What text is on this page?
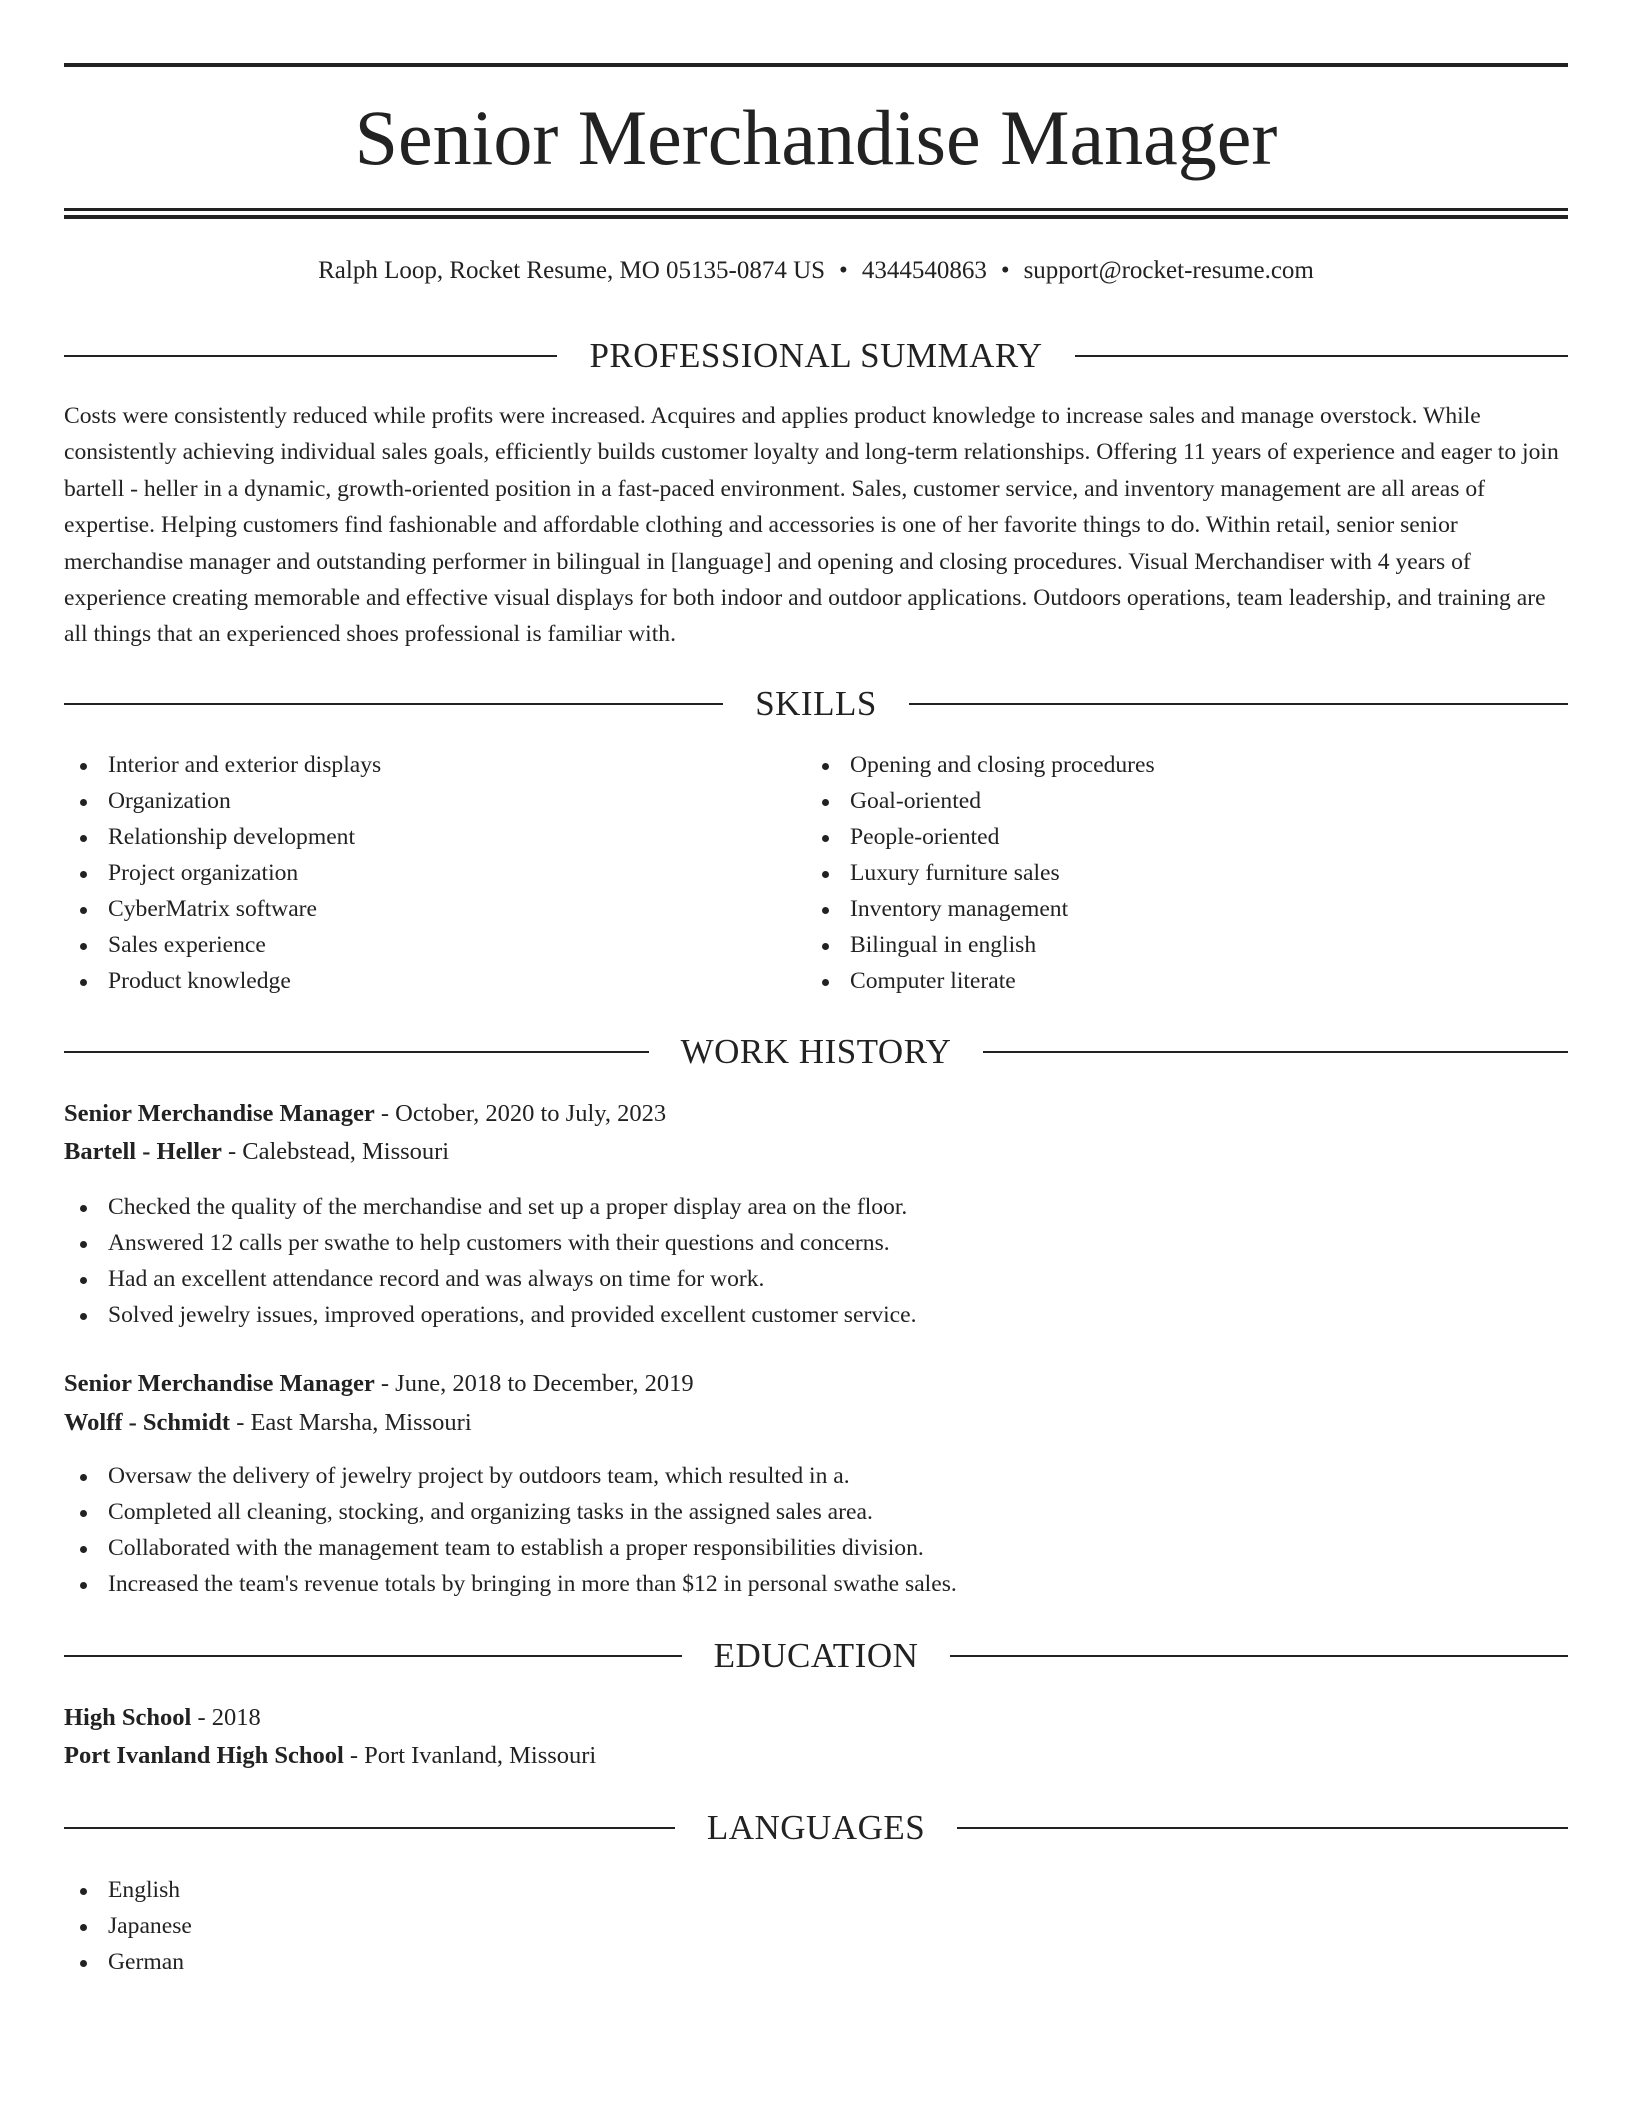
Senior Merchandise Manager
Ralph Loop, Rocket Resume, MO 05135-0874 US • 4344540863 • support@rocket-resume.com
PROFESSIONAL SUMMARY

Costs were consistently reduced while profits were increased. Acquires and applies product knowledge to increase sales and manage overstock. While consistently achieving individual sales goals, efficiently builds customer loyalty and long-term relationships. Offering 11 years of experience and eager to join bartell - heller in a dynamic, growth-oriented position in a fast-paced environment. Sales, customer service, and inventory management are all areas of expertise. Helping customers find fashionable and affordable clothing and accessories is one of her favorite things to do. Within retail, senior senior merchandise manager and outstanding performer in bilingual in [language] and opening and closing procedures. Visual Merchandiser with 4 years of experience creating memorable and effective visual displays for both indoor and outdoor applications. Outdoors operations, team leadership, and training are all things that an experienced shoes professional is familiar with.

SKILLS
Interior and exterior displays
Organization
Relationship development
Project organization
CyberMatrix software
Sales experience
Product knowledge
Opening and closing procedures
Goal-oriented
People-oriented
Luxury furniture sales
Inventory management
Bilingual in english
Computer literate
WORK HISTORY
Senior Merchandise Manager - October, 2020 to July, 2023
Bartell - Heller - Calebstead, Missouri
Checked the quality of the merchandise and set up a proper display area on the floor.
Answered 12 calls per swathe to help customers with their questions and concerns.
Had an excellent attendance record and was always on time for work.
Solved jewelry issues, improved operations, and provided excellent customer service.
Senior Merchandise Manager - June, 2018 to December, 2019
Wolff - Schmidt - East Marsha, Missouri
Oversaw the delivery of jewelry project by outdoors team, which resulted in a.
Completed all cleaning, stocking, and organizing tasks in the assigned sales area.
Collaborated with the management team to establish a proper responsibilities division.
Increased the team's revenue totals by bringing in more than $12 in personal swathe sales.
EDUCATION
High School - 2018
Port Ivanland High School - Port Ivanland, Missouri
LANGUAGES
English
Japanese
German
